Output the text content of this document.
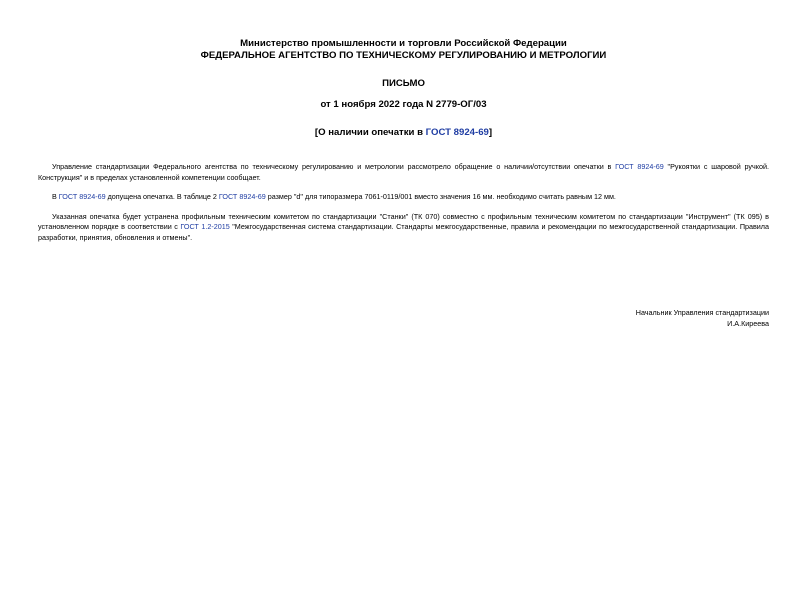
Министерство промышленности и торговли Российской Федерации
ФЕДЕРАЛЬНОЕ АГЕНТСТВО ПО ТЕХНИЧЕСКОМУ РЕГУЛИРОВАНИЮ И МЕТРОЛОГИИ
ПИСЬМО
от 1 ноября 2022 года N 2779-ОГ/03
[О наличии опечатки в ГОСТ 8924-69]

Управление стандартизации Федерального агентства по техническому регулированию и метрологии рассмотрело обращение о наличии/отсутствии опечатки в ГОСТ 8924-69 "Рукоятки с шаровой ручкой. Конструкция" и в пределах установленной компетенции сообщает.

В ГОСТ 8924-69 допущена опечатка. В таблице 2 ГОСТ 8924-69 размер "d" для типоразмера 7061-0119/001 вместо значения 16 мм. необходимо считать равным 12 мм.

Указанная опечатка будет устранена профильным техническим комитетом по стандартизации "Станки" (ТК 070) совместно с профильным техническим комитетом по стандартизации "Инструмент" (ТК 095) в установленном порядке в соответствии с ГОСТ 1.2-2015 "Межгосударственная система стандартизации. Стандарты межгосударственные, правила и рекомендации по межгосударственной стандартизации. Правила разработки, принятия, обновления и отмены".

Начальник Управления стандартизации
И.А.Киреева
